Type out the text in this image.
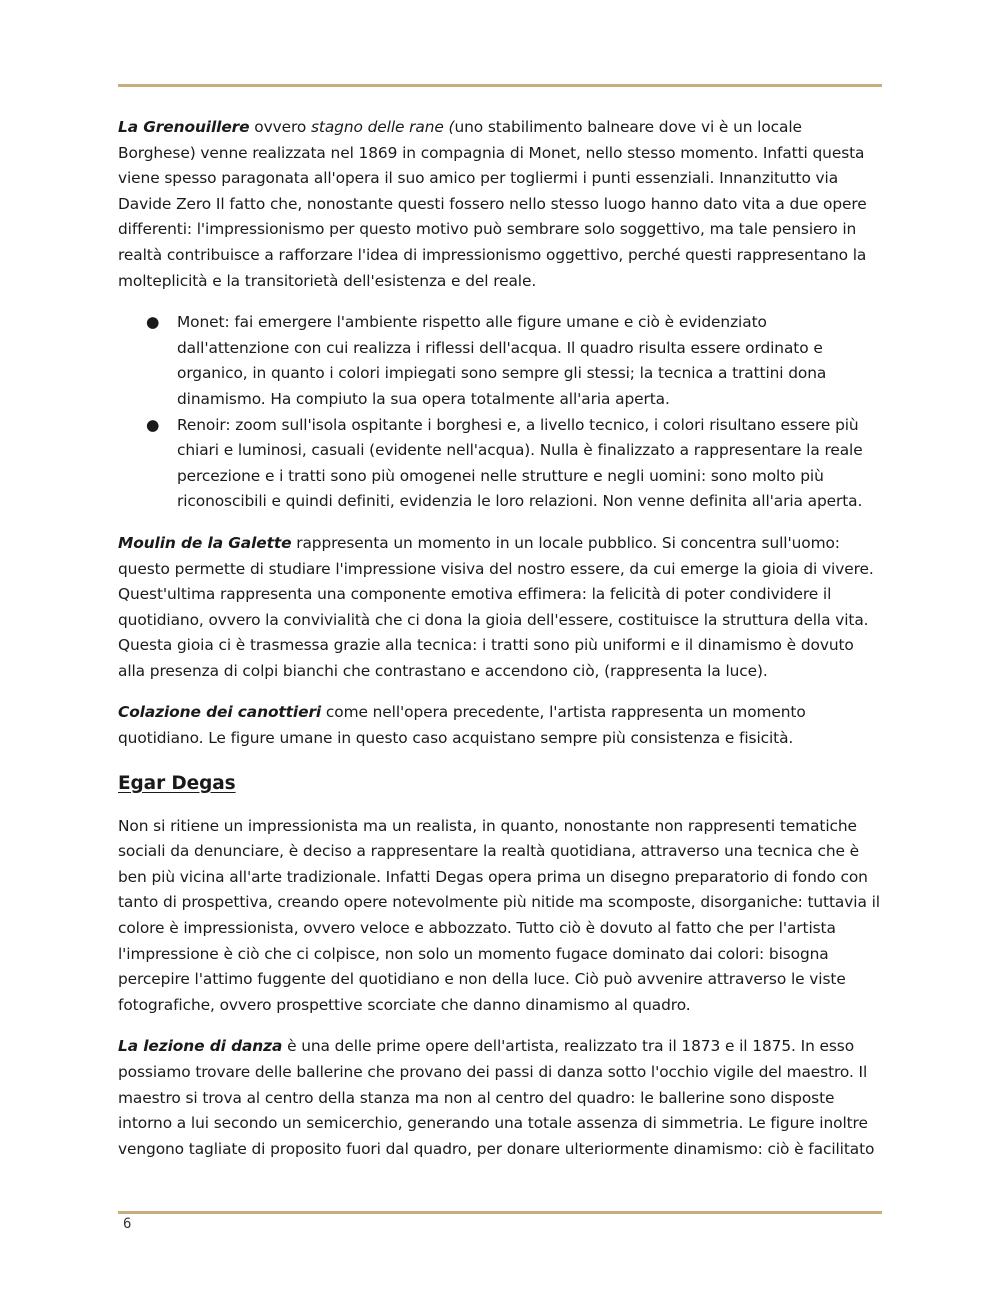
La Grenouillere ovvero stagno delle rane (uno stabilimento balneare dove vi è un locale Borghese) venne realizzata nel 1869 in compagnia di Monet, nello stesso momento. Infatti questa viene spesso paragonata all'opera il suo amico per togliermi i punti essenziali. Innanzitutto via Davide Zero Il fatto che, nonostante questi fossero nello stesso luogo hanno dato vita a due opere differenti: l'impressionismo per questo motivo può sembrare solo soggettivo, ma tale pensiero in realtà contribuisce a rafforzare l'idea di impressionismo oggettivo, perché questi rappresentano la molteplicità e la transitorietà dell'esistenza e del reale.

● Monet: fai emergere l'ambiente rispetto alle figure umane e ciò è evidenziato dall'attenzione con cui realizza i riflessi dell'acqua. Il quadro risulta essere ordinato e organico, in quanto i colori impiegati sono sempre gli stessi; la tecnica a trattini dona dinamismo. Ha compiuto la sua opera totalmente all'aria aperta.
● Renoir: zoom sull'isola ospitante i borghesi e, a livello tecnico, i colori risultano essere più chiari e luminosi, casuali (evidente nell'acqua). Nulla è finalizzato a rappresentare la reale percezione e i tratti sono più omogenei nelle strutture e negli uomini: sono molto più riconoscibili e quindi definiti, evidenzia le loro relazioni. Non venne definita all'aria aperta.

Moulin de la Galette rappresenta un momento in un locale pubblico. Si concentra sull'uomo: questo permette di studiare l'impressione visiva del nostro essere, da cui emerge la gioia di vivere. Quest'ultima rappresenta una componente emotiva effimera: la felicità di poter condividere il quotidiano, ovvero la convivialità che ci dona la gioia dell'essere, costituisce la struttura della vita. Questa gioia ci è trasmessa grazie alla tecnica: i tratti sono più uniformi e il dinamismo è dovuto alla presenza di colpi bianchi che contrastano e accendono ciò, (rappresenta la luce).

Colazione dei canottieri come nell'opera precedente, l'artista rappresenta un momento quotidiano. Le figure umane in questo caso acquistano sempre più consistenza e fisicità.

Egar Degas

Non si ritiene un impressionista ma un realista, in quanto, nonostante non rappresenti tematiche sociali da denunciare, è deciso a rappresentare la realtà quotidiana, attraverso una tecnica che è ben più vicina all'arte tradizionale. Infatti Degas opera prima un disegno preparatorio di fondo con tanto di prospettiva, creando opere notevolmente più nitide ma scomposte, disorganiche: tuttavia il colore è impressionista, ovvero veloce e abbozzato. Tutto ciò è dovuto al fatto che per l'artista l'impressione è ciò che ci colpisce, non solo un momento fugace dominato dai colori: bisogna percepire l'attimo fuggente del quotidiano e non della luce. Ciò può avvenire attraverso le viste fotografiche, ovvero prospettive scorciate che danno dinamismo al quadro.

La lezione di danza è una delle prime opere dell'artista, realizzato tra il 1873 e il 1875. In esso possiamo trovare delle ballerine che provano dei passi di danza sotto l'occhio vigile del maestro. Il maestro si trova al centro della stanza ma non al centro del quadro: le ballerine sono disposte intorno a lui secondo un semicerchio, generando una totale assenza di simmetria. Le figure inoltre vengono tagliate di proposito fuori dal quadro, per donare ulteriormente dinamismo: ciò è facilitato

6
